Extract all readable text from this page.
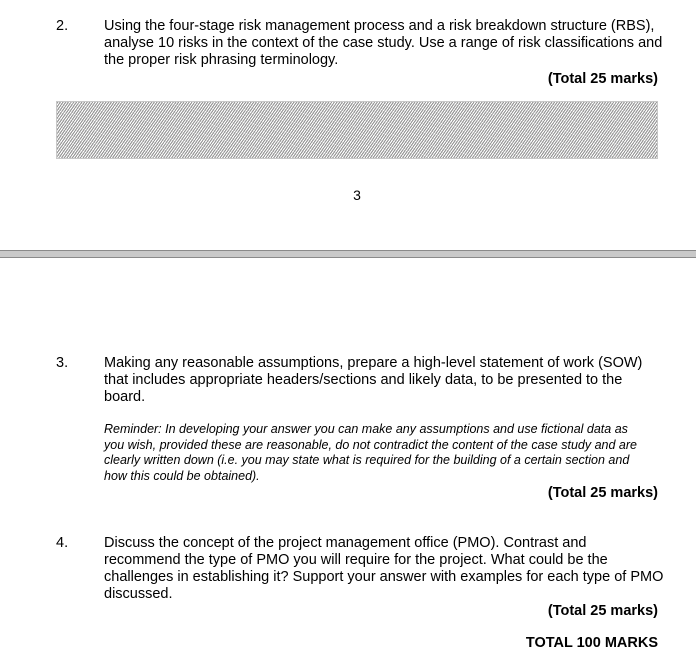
2. Using the four-stage risk management process and a risk breakdown structure (RBS), analyse 10 risks in the context of the case study. Use a range of risk classifications and the proper risk phrasing terminology.
(Total 25 marks)
3
3. Making any reasonable assumptions, prepare a high-level statement of work (SOW) that includes appropriate headers/sections and likely data, to be presented to the board.
Reminder: In developing your answer you can make any assumptions and use fictional data as you wish, provided these are reasonable, do not contradict the content of the case study and are clearly written down (i.e. you may state what is required for the building of a certain section and how this could be obtained).
(Total 25 marks)
4. Discuss the concept of the project management office (PMO). Contrast and recommend the type of PMO you will require for the project. What could be the challenges in establishing it? Support your answer with examples for each type of PMO discussed.
(Total 25 marks)
TOTAL 100 MARKS
